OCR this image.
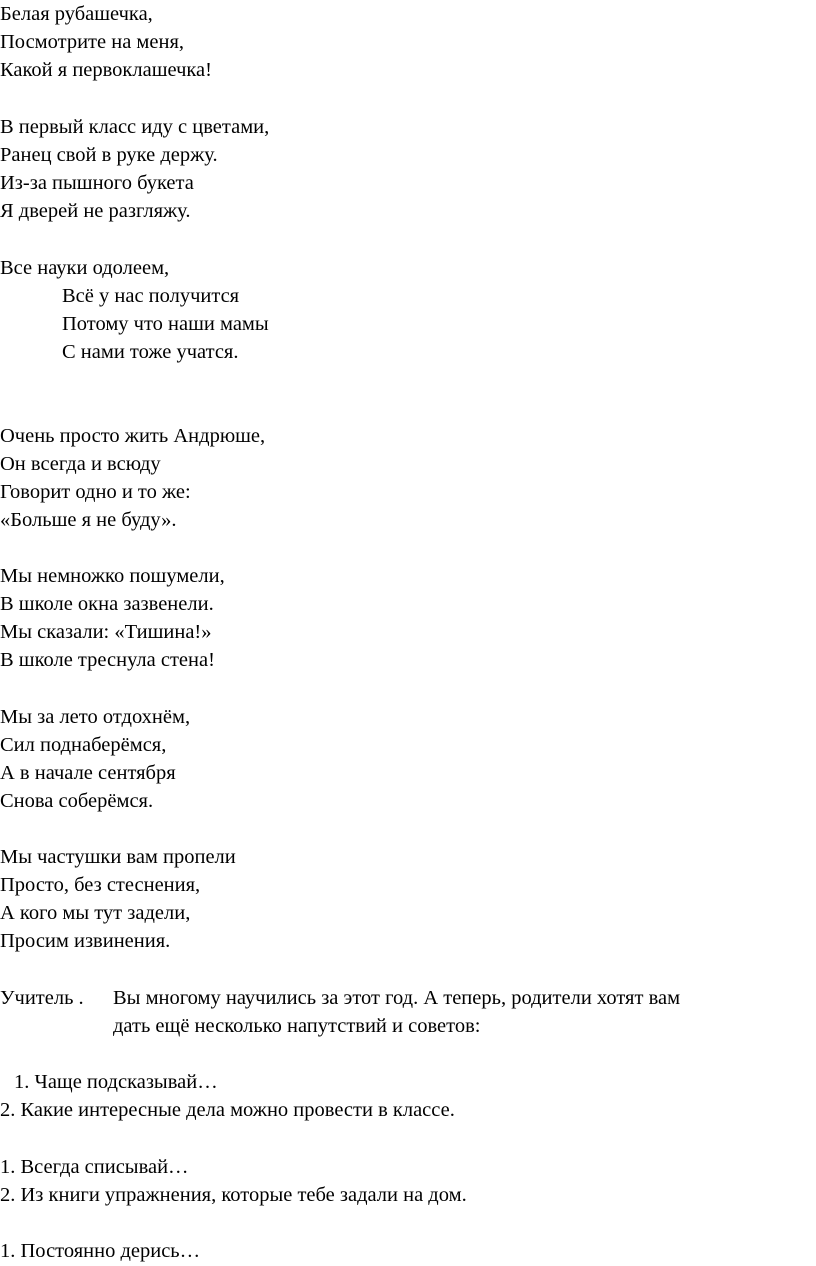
Белая рубашечка,
Посмотрите на меня,
Какой я первоклашечка!
В первый класс иду с цветами,
Ранец свой в руке держу.
Из-за пышного букета
Я дверей не разгляжу.
Все науки одолеем,
Всё у нас получится
Потому что наши мамы
С нами тоже учатся.
Очень просто жить Андрюше,
Он всегда и всюду
Говорит одно и то же:
«Больше я не буду».
Мы немножко пошумели,
В школе окна зазвенели.
Мы сказали: «Тишина!»
В школе треснула стена!
Мы за лето отдохнём,
Сил поднаберёмся,
А в начале сентября
Снова соберёмся.
Мы частушки вам пропели
Просто, без стеснения,
А кого мы тут задели,
Просим извинения.
Учитель . Вы многому научились за этот год. А теперь, родители хотят вам
дать ещё несколько напутствий и советов:
1. Чаще подсказывай…
2. Какие интересные дела можно провести в классе.
1. Всегда списывай…
2. Из книги упражнения, которые тебе задали на дом.
1. Постоянно дерись…
